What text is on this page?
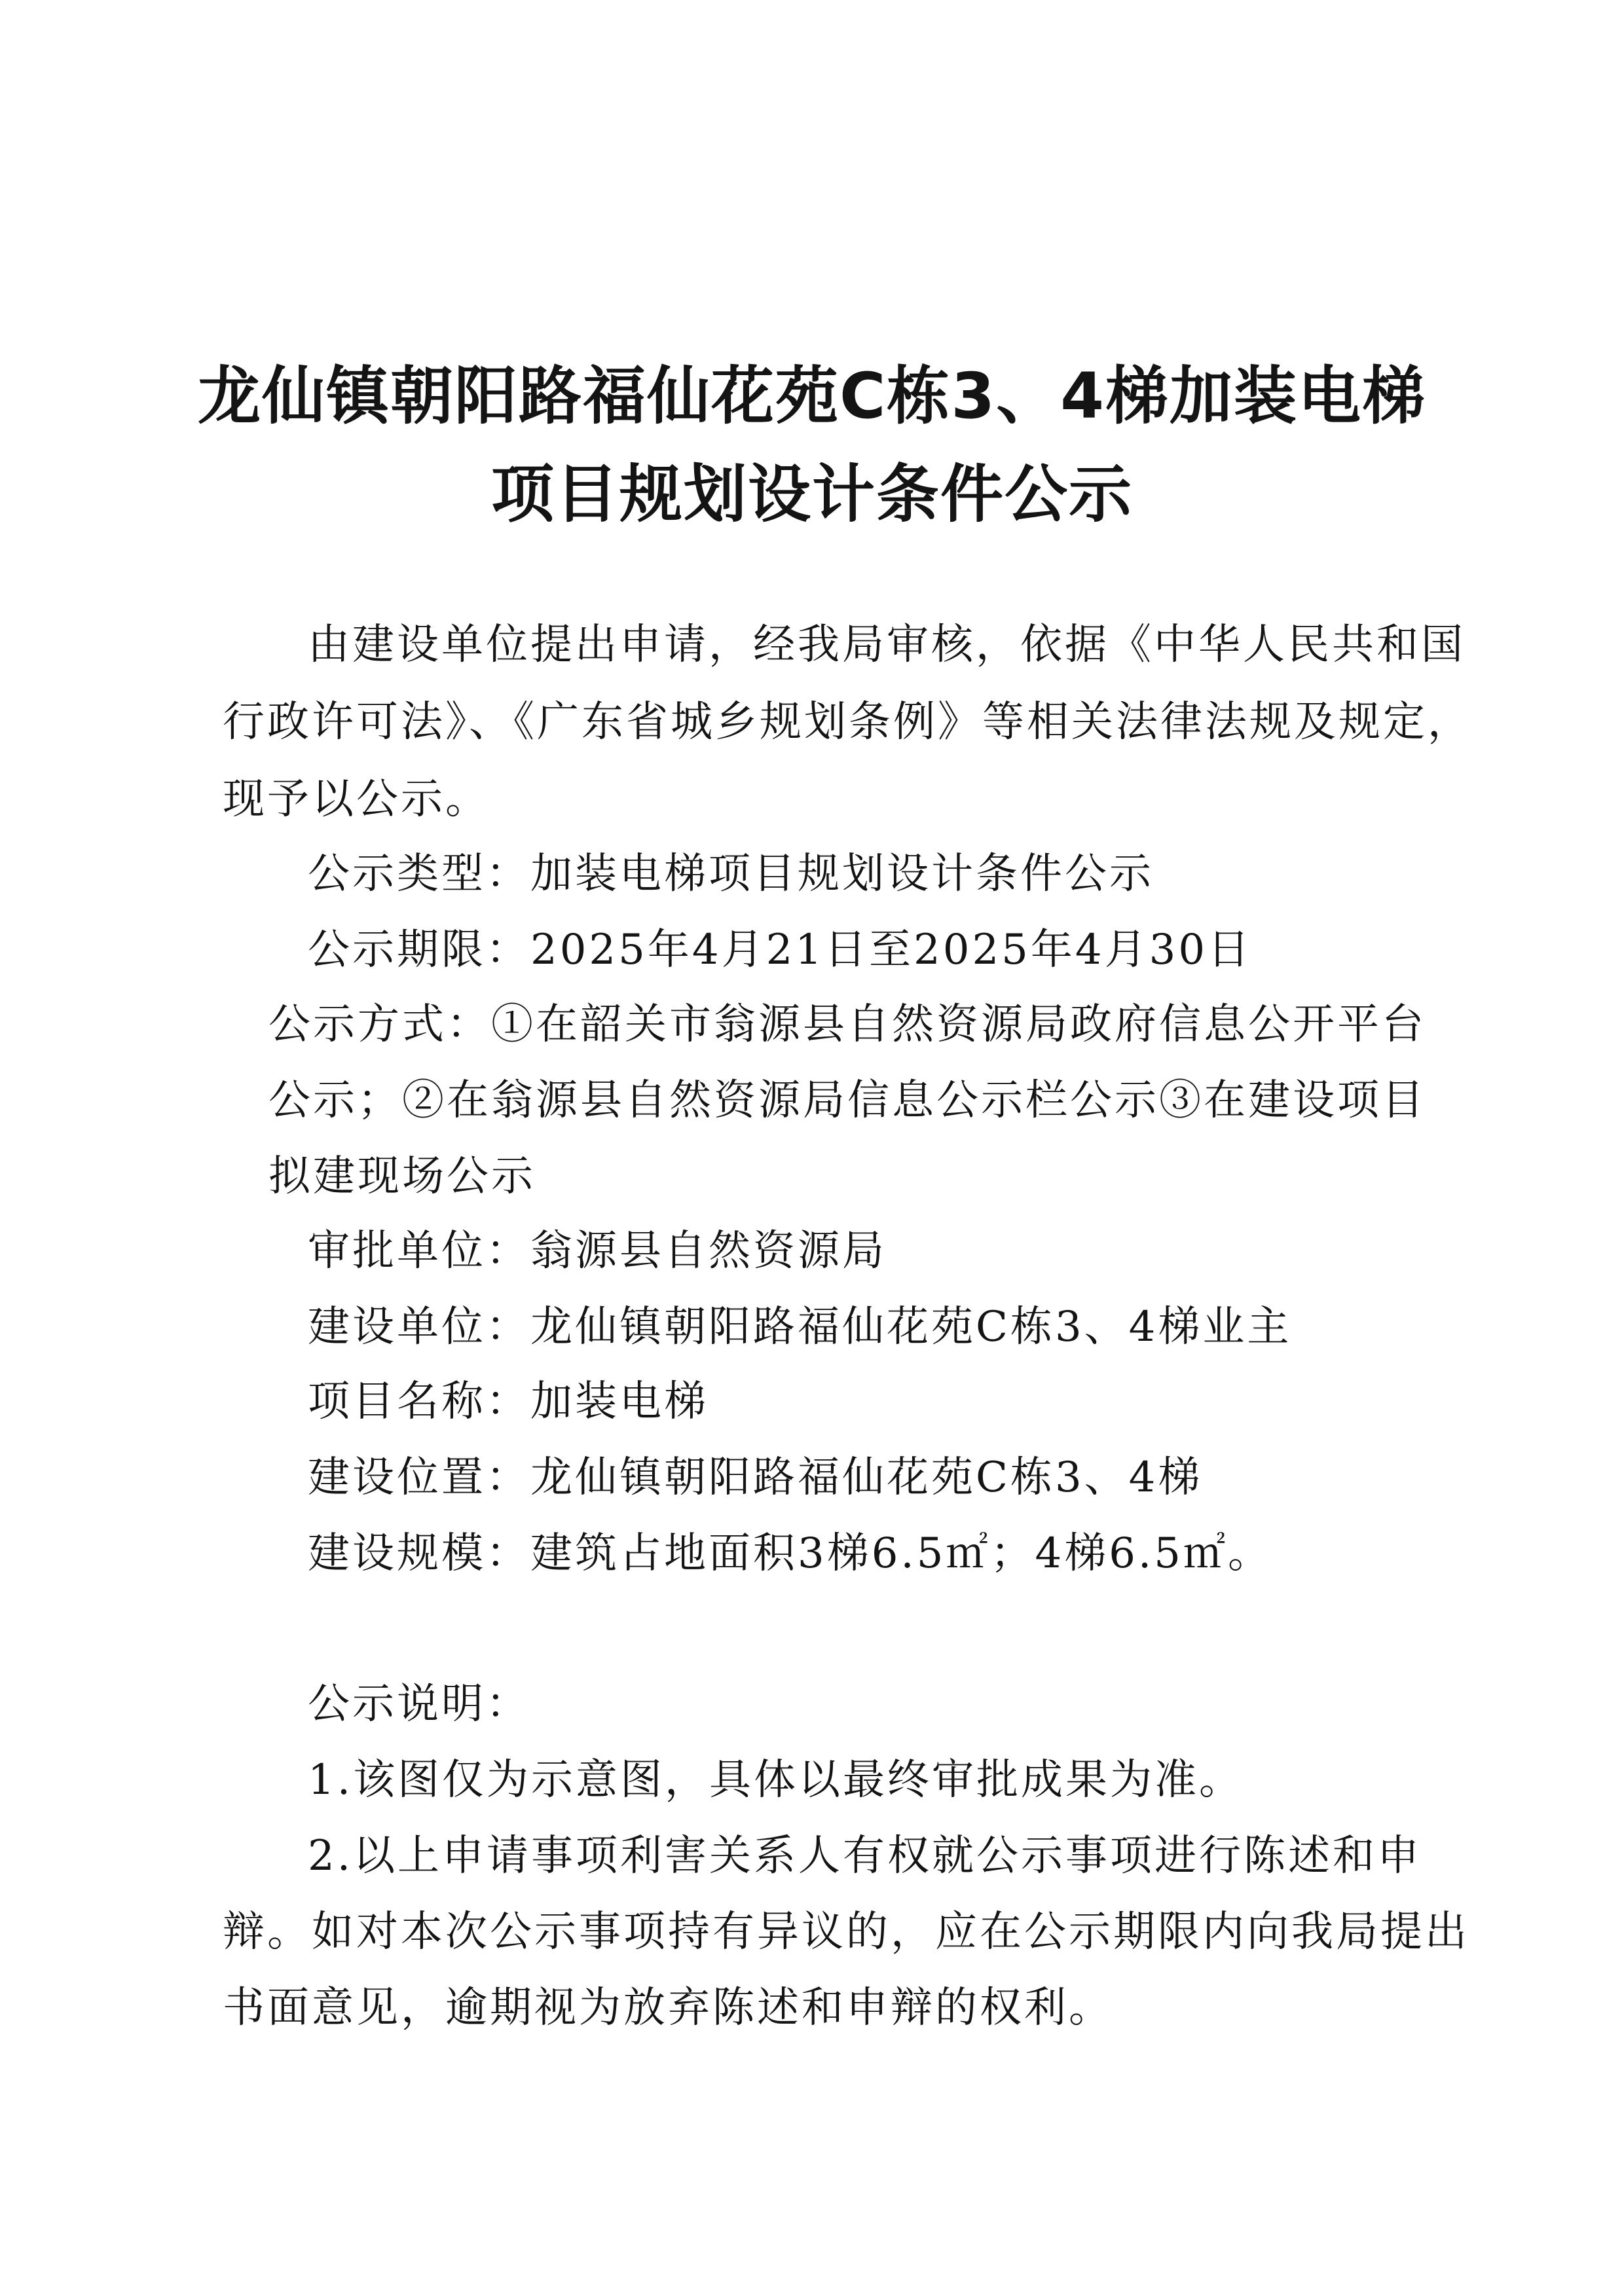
龙仙镇朝阳路福仙花苑C栋3、4梯加装电梯
项目规划设计条件公示
由建设单位提出申请，经我局审核，依据《中华人民共和国
行政许可法》、《广东省城乡规划条例》等相关法律法规及规定，
现予以公示。
公示类型：加装电梯项目规划设计条件公示
公示期限：2025年4月21日至2025年4月30日
公示方式：①在韶关市翁源县自然资源局政府信息公开平台
公示；②在翁源县自然资源局信息公示栏公示③在建设项目
拟建现场公示
审批单位：翁源县自然资源局
建设单位：龙仙镇朝阳路福仙花苑C栋3、4梯业主
项目名称：加装电梯
建设位置：龙仙镇朝阳路福仙花苑C栋3、4梯
建设规模：建筑占地面积3梯6.5㎡；4梯6.5㎡。
公示说明：
1.该图仅为示意图，具体以最终审批成果为准。
2.以上申请事项利害关系人有权就公示事项进行陈述和申
辩。如对本次公示事项持有异议的，应在公示期限内向我局提出
书面意见，逾期视为放弃陈述和申辩的权利。
